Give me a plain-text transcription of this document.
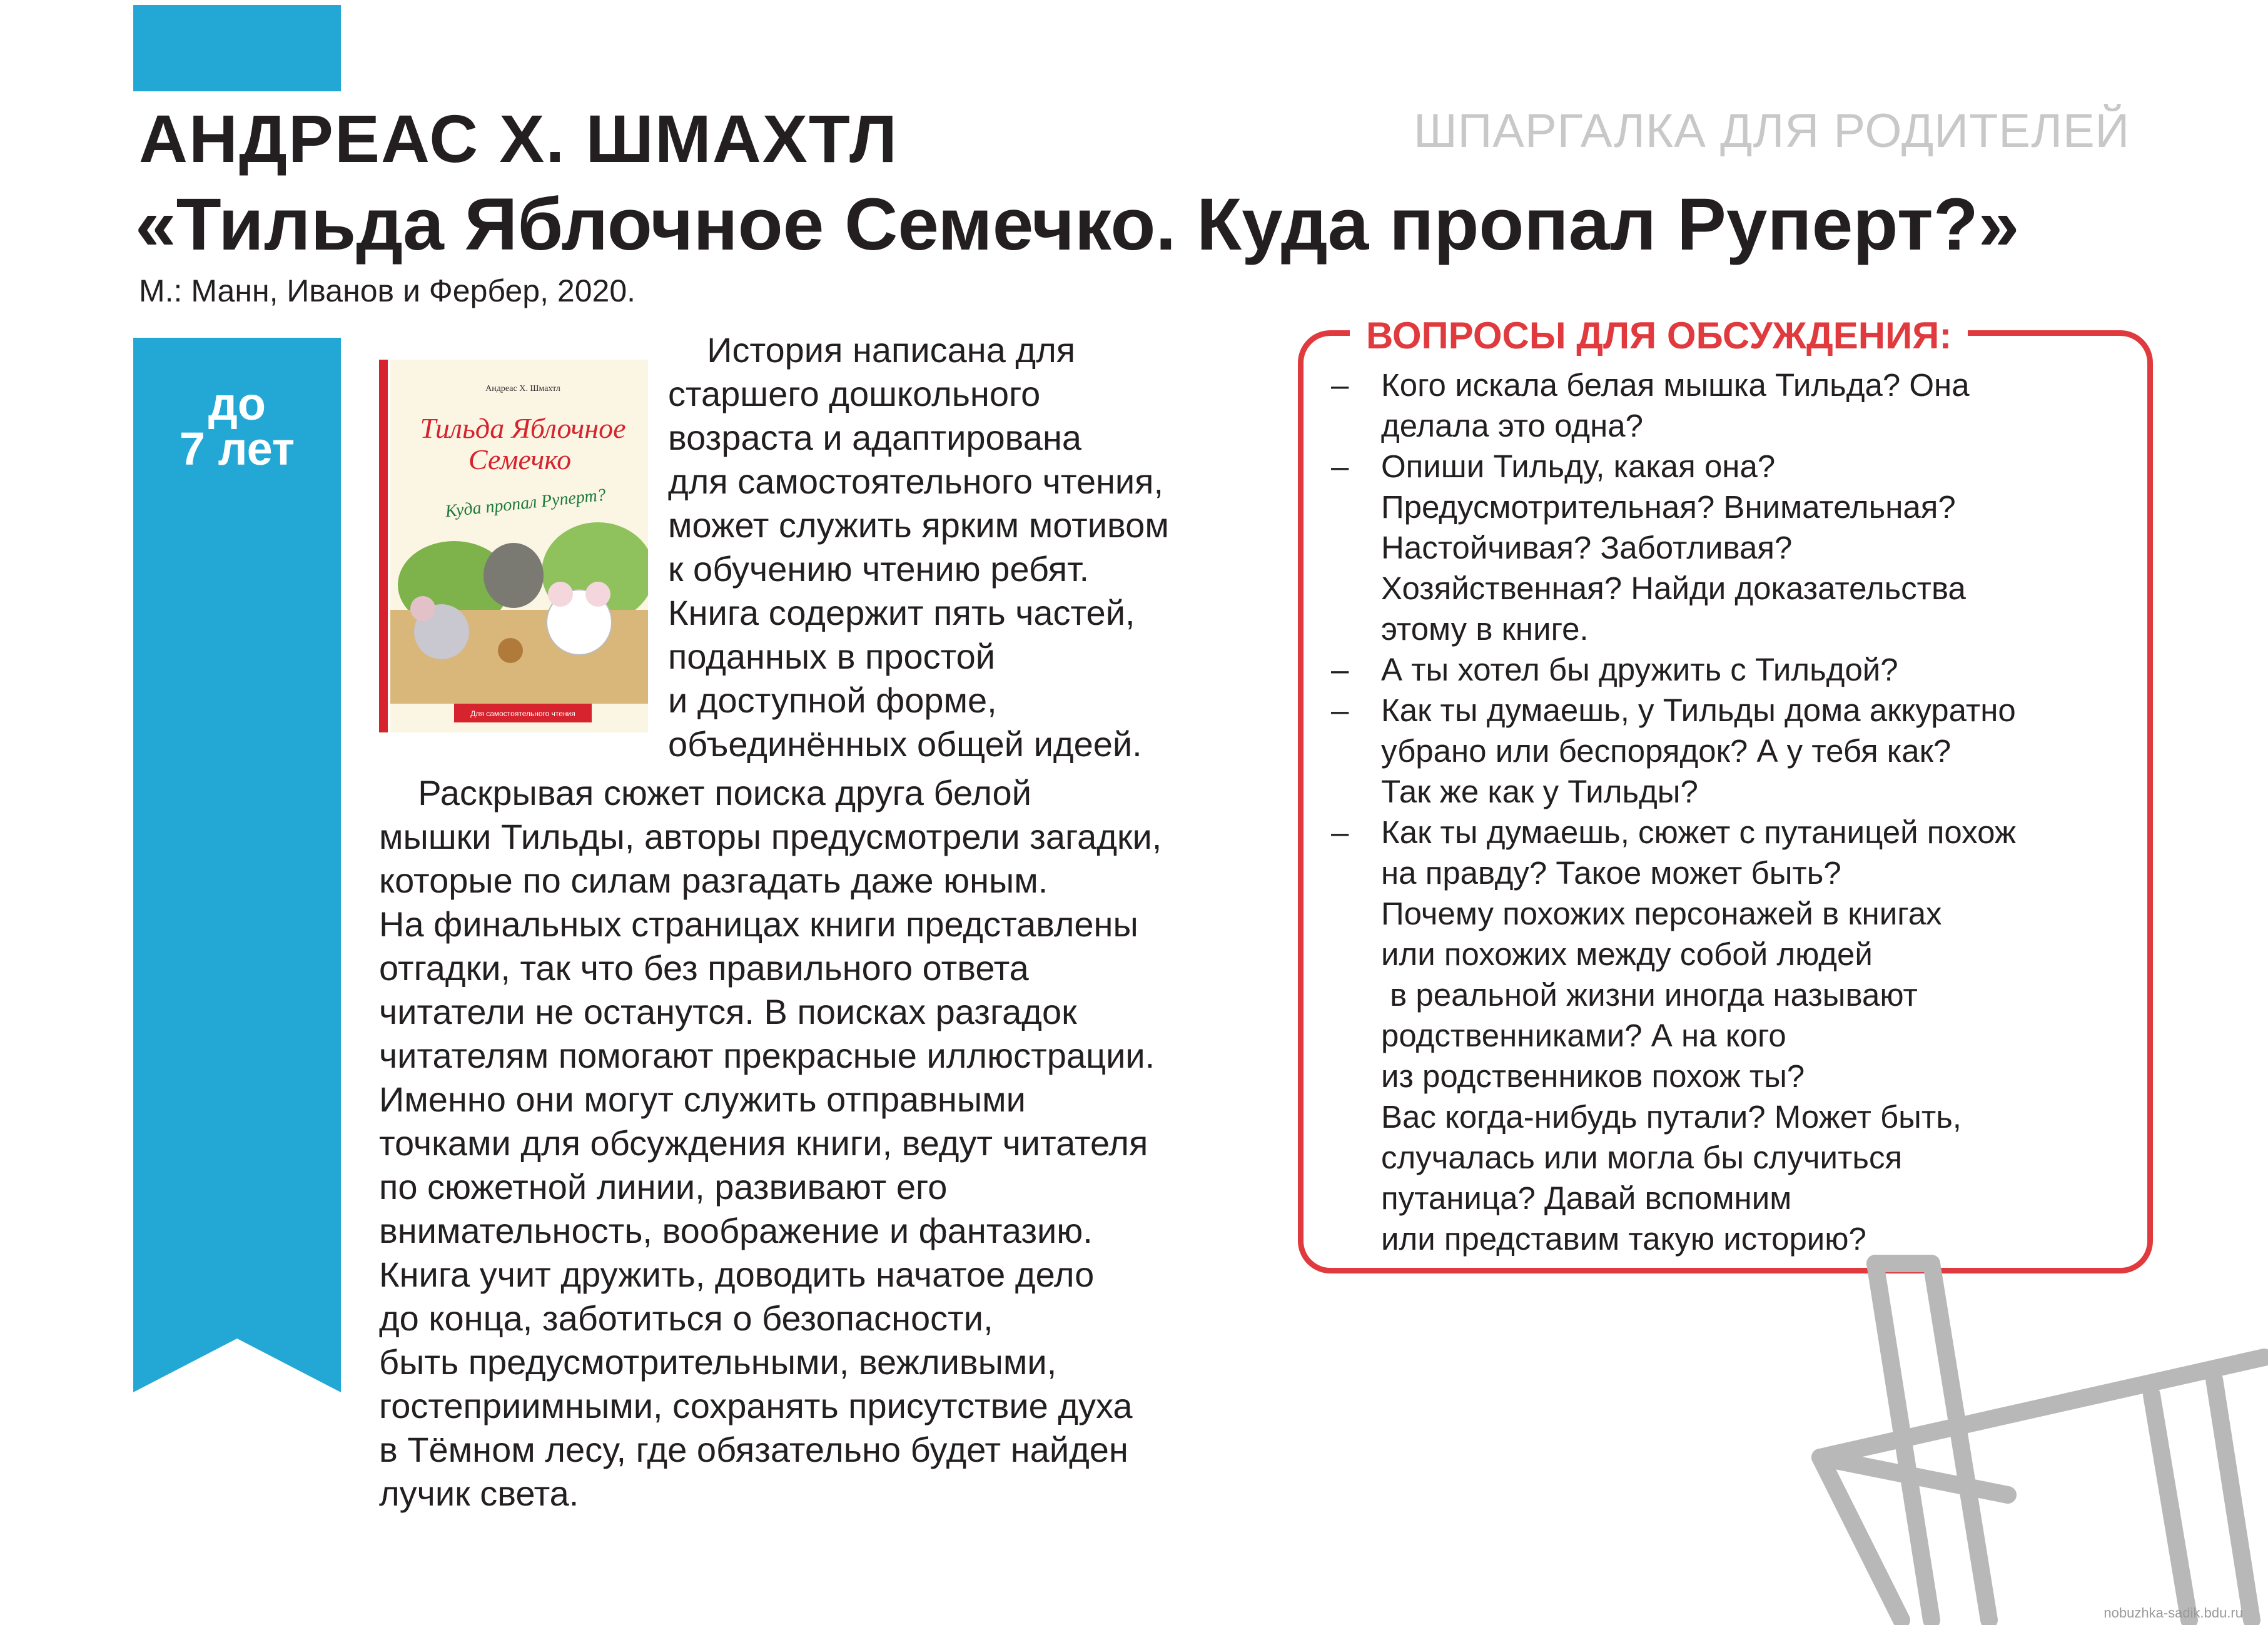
АНДРЕАС Х. ШМАХТЛ	ШПАРГАЛКА ДЛЯ РОДИТЕЛЕЙ
«Тильда Яблочное Семечко. Куда пропал Руперт?»
М.: Манн, Иванов и Фербер, 2020.
до
7 лет
Андреас Х. Шмахтл
Тильда Яблочное
Семечко
Куда пропал Руперт?
Для самостоятельного чтения
История написана для
старшего дошкольного
возраста и адаптирована
для самостоятельного чтения,
может служить ярким мотивом
к обучению чтению ребят.
Книга содержит пять частей,
поданных в простой
и доступной форме,
объединённых общей идеей.
Раскрывая сюжет поиска друга белой
мышки Тильды, авторы предусмотрели загадки,
которые по силам разгадать даже юным.
На финальных страницах книги представлены
отгадки, так что без правильного ответа
читатели не останутся. В поисках разгадок
читателям помогают прекрасные иллюстрации.
Именно они могут служить отправными
точками для обсуждения книги, ведут читателя
по сюжетной линии, развивают его
внимательность, воображение и фантазию.
Книга учит дружить, доводить начатое дело
до конца, заботиться о безопасности,
быть предусмотрительными, вежливыми,
гостеприимными, сохранять присутствие духа
в Тёмном лесу, где обязательно будет найден
лучик света.
ВОПРОСЫ ДЛЯ ОБСУЖДЕНИЯ:
– Кого искала белая мышка Тильда? Она
делала это одна?
– Опиши Тильду, какая она?
Предусмотрительная? Внимательная?
Настойчивая? Заботливая?
Хозяйственная? Найди доказательства
этому в книге.
– А ты хотел бы дружить с Тильдой?
– Как ты думаешь, у Тильды дома аккуратно
убрано или беспорядок? А у тебя как?
Так же как у Тильды?
– Как ты думаешь, сюжет с путаницей похож
на правду? Такое может быть?
Почему похожих персонажей в книгах
или похожих между собой людей
в реальной жизни иногда называют
родственниками? А на кого
из родственников похож ты?
Вас когда-нибудь путали? Может быть,
случалась или могла бы случиться
путаница? Давай вспомним
или представим такую историю?
nobuzhka-sadik.bdu.ru
